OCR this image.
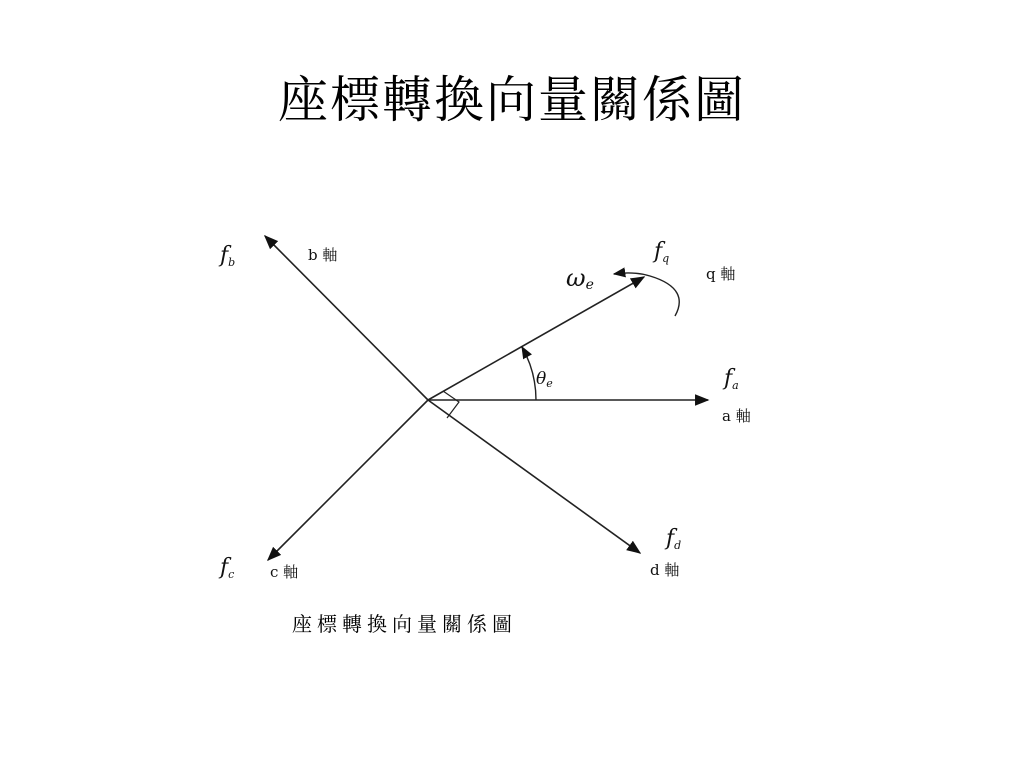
座標轉換向量關係圖
$f_b$	$f_q$
$f_a$
$f_d$
$f_c$
θe
ωe
b 軸
q 軸
a 軸
d 軸
c 軸
座標轉換向量關係圖
